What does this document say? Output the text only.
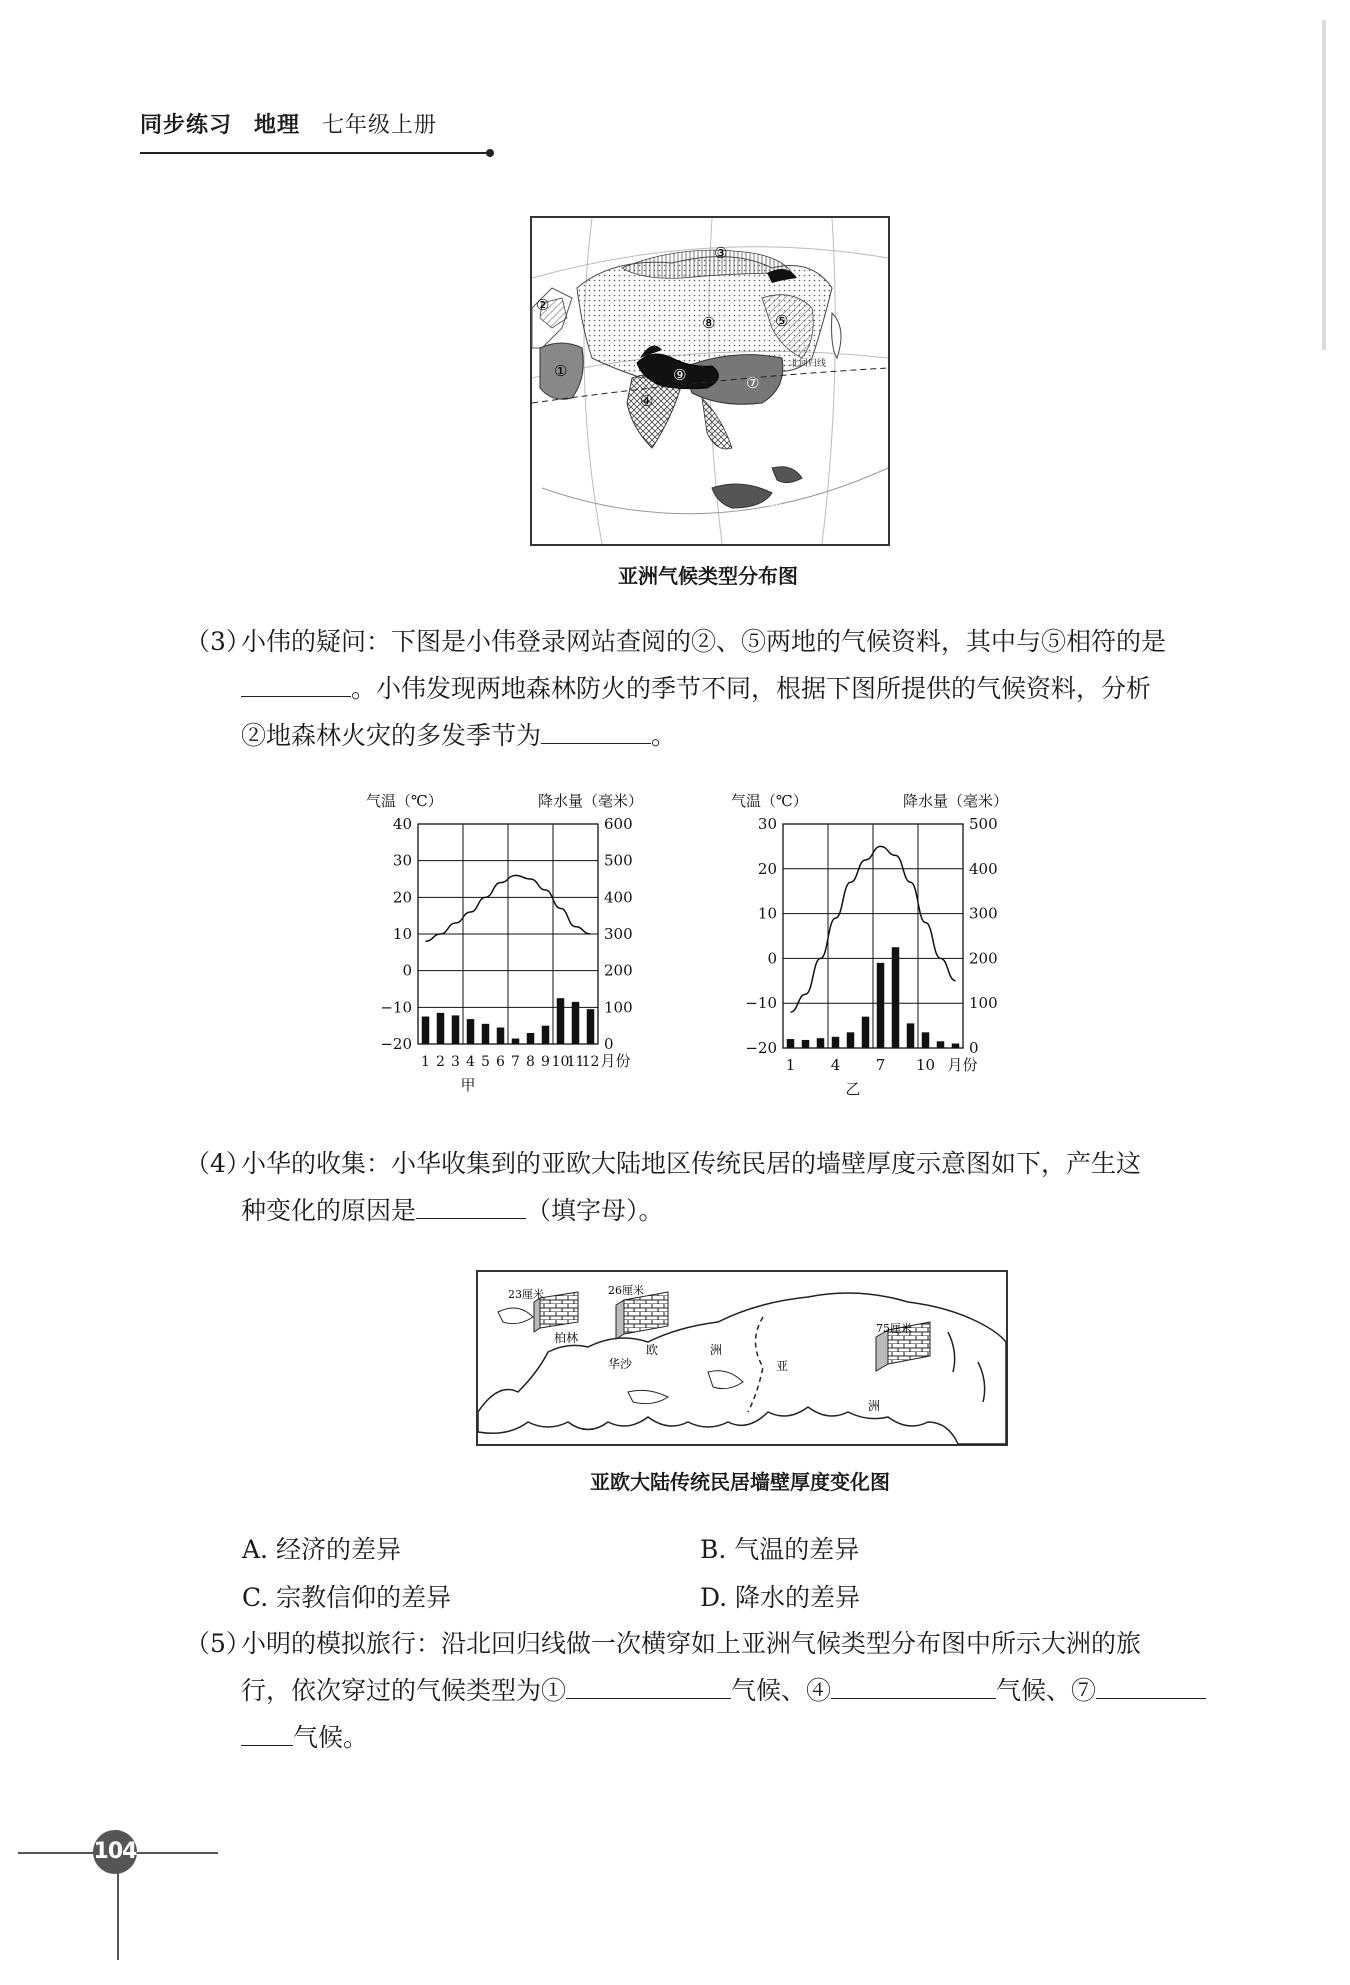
同步练习 地理 七年级上册
北回归线
①
②
③
④
⑤
⑥
⑦
⑧
⑨
亚洲气候类型分布图
（3）
小伟的疑问：下图是小伟登录网站查阅的②、⑤两地的气候资料，其中与⑤相符的是
。小伟发现两地森林防火的季节不同，根据下图所提供的气候资料，分析
②地森林火灾的多发季节为	。
气温（℃）	降水量（毫米）
40	600
30	500
20	400
10	300
0	200
−10	100
−20	0
1 2 3 4 5 6 7 8 9 10
11
12 月份
甲
气温（℃）	降水量（毫米）
30	500
20	400
10	300
0	200
−10	100
−20	0
1 4 7 10 月份
乙
（4）
小华的收集：小华收集到的亚欧大陆地区传统民居的墙壁厚度示意图如下，产生这
种变化的原因是	（填字母）。
23厘米	26厘米
75厘米
柏林
华沙
欧	洲
亚
洲
亚欧大陆传统民居墙壁厚度变化图
A. 经济的差异	B. 气温的差异
C. 宗教信仰的差异	D. 降水的差异
（5）
小明的模拟旅行：沿北回归线做一次横穿如上亚洲气候类型分布图中所示大洲的旅
行，依次穿过的气候类型为①	气候、④	气候、⑦
气候。
104
